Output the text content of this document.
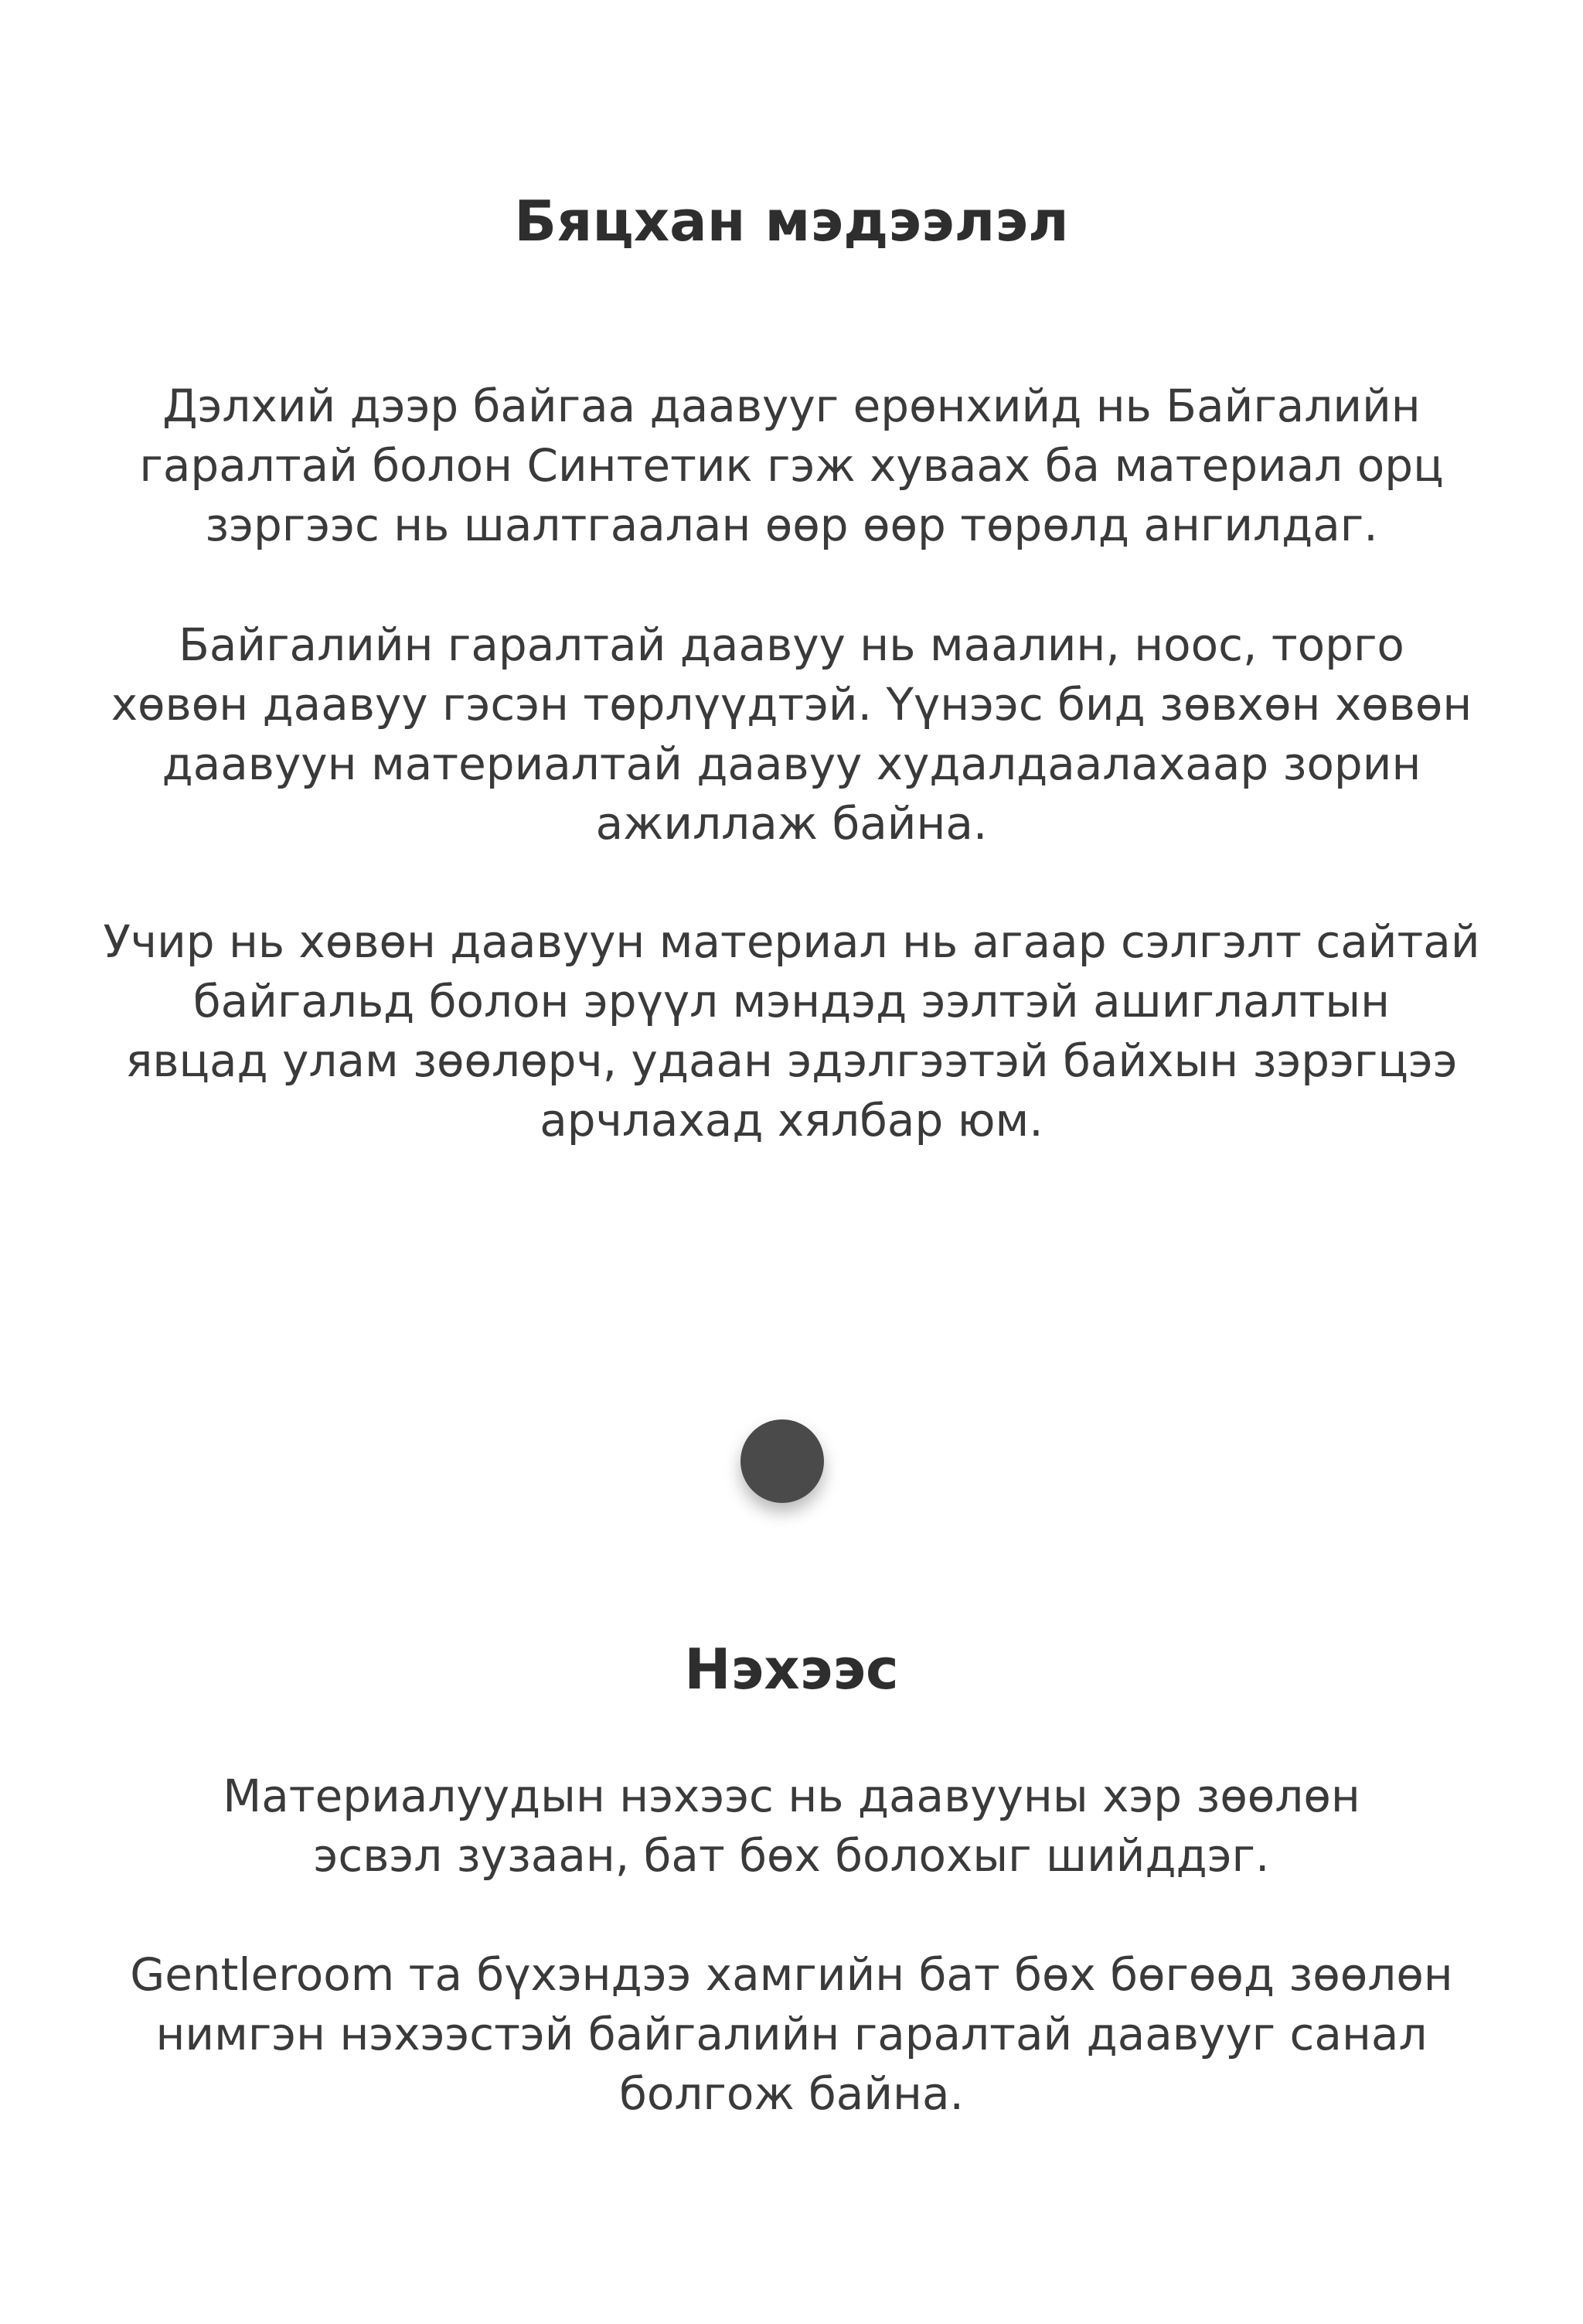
Бяцхан мэдээлэл

Дэлхий дээр байгаа даавууг ерөнхийд нь Байгалийн
гаралтай болон Синтетик гэж хуваах ба материал орц
зэргээс нь шалтгаалан өөр өөр төрөлд ангилдаг.

Байгалийн гаралтай даавуу нь маалин, ноос, торго
хөвөн даавуу гэсэн төрлүүдтэй. Үүнээс бид зөвхөн хөвөн
даавуун материалтай даавуу худалдаалахаар зорин
ажиллаж байна.

Учир нь хөвөн даавуун материал нь агаар сэлгэлт сайтай
байгальд болон эрүүл мэндэд ээлтэй ашиглалтын
явцад улам зөөлөрч, удаан эдэлгээтэй байхын зэрэгцээ
арчлахад хялбар юм.

Нэхээс

Материалуудын нэхээс нь даавууны хэр зөөлөн
эсвэл зузаан, бат бөх болохыг шийддэг.

Gentleroom та бүхэндээ хамгийн бат бөх бөгөөд зөөлөн
нимгэн нэхээстэй байгалийн гаралтай даавууг санал
болгож байна.
